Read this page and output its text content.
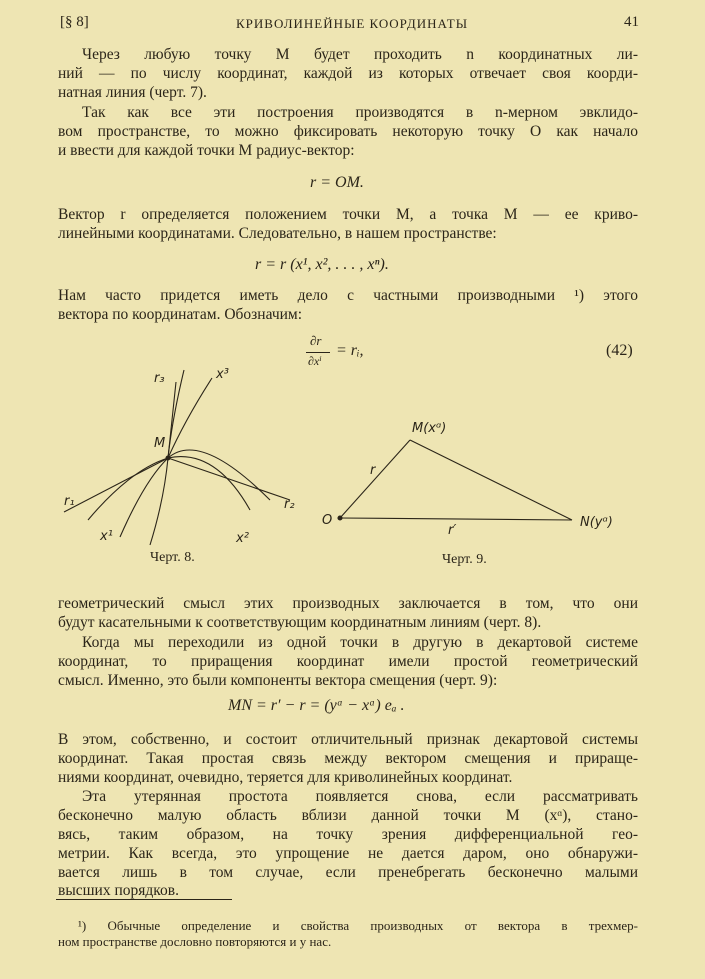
[§ 8]	КРИВОЛИНЕЙНЫЕ КООРДИНАТЫ	41
Через любую точку M будет проходить n координатных ли-
ний — по числу координат, каждой из которых отвечает своя коорди-
натная линия (черт. 7).
Так как все эти построения производятся в n-мерном эвклидо-
вом пространстве, то можно фиксировать некоторую точку O как начало
и ввести для каждой точки M радиус-вектор:
r = OM.
Вектор r определяется положением точки M, а точка M — ее криво-
линейными координатами. Следовательно, в нашем пространстве:
r = r (x¹, x², . . . , xⁿ).
Нам часто придется иметь дело с частными производными ¹) этого
вектора по координатам. Обозначим:
∂r
∂xⁱ
= rᵢ,	(42)
r₃	x³
M
r₁	r₂
x¹	x²
M(xᵅ)
r
O
r′
N(yᵅ)
Черт. 8.	Черт. 9.
геометрический смысл этих производных заключается в том, что они
будут касательными к соответствующим координатным линиям (черт. 8).
Когда мы переходили из одной точки в другую в декартовой системе
координат, то приращения координат имели простой геометрический
смысл. Именно, это были компоненты вектора смещения (черт. 9):
MN = r′ − r = (yᵅ − xᵅ) eₐ .
В этом, собственно, и состоит отличительный признак декартовой системы
координат. Такая простая связь между вектором смещения и прираще-
ниями координат, очевидно, теряется для криволинейных координат.
Эта утерянная простота появляется снова, если рассматривать
бесконечно малую область вблизи данной точки M (xᵅ), стано-
вясь, таким образом, на точку зрения дифференциальной гео-
метрии. Как всегда, это упрощение не дается даром, оно обнаружи-
вается лишь в том случае, если пренебрегать бесконечно малыми
высших порядков.
¹) Обычные определение и свойства производных от вектора в трехмер-
ном пространстве дословно повторяются и у нас.
